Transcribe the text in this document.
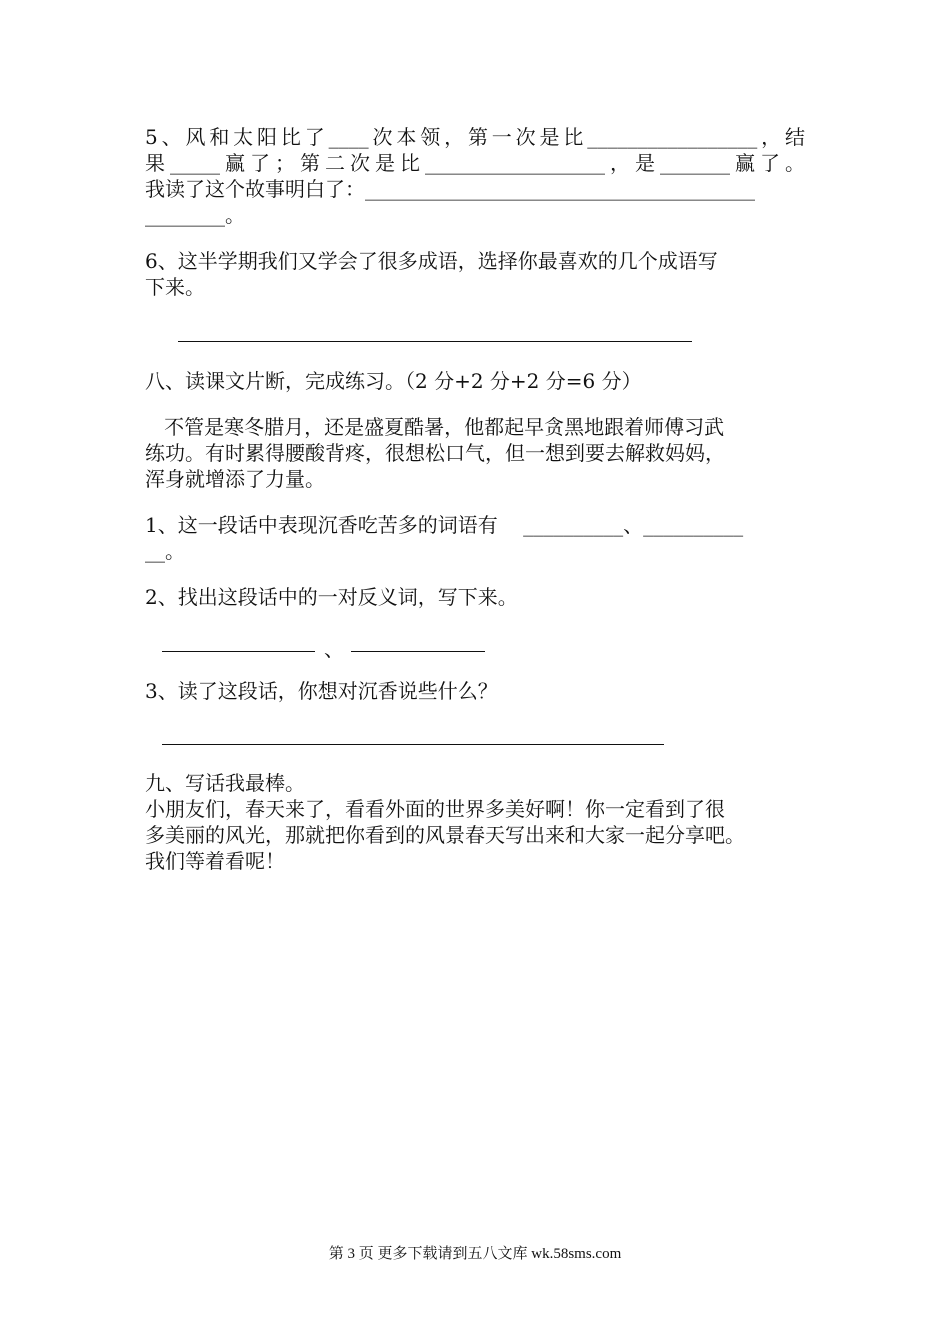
5、风和太阳比了____次本领，第一次是比_________________，结
果_____赢了；第二次是比__________________，是_______赢了。
我读了这个故事明白了：_______________________________________
________。
6、这半学期我们又学会了很多成语，选择你最喜欢的几个成语写
下来。
八、读课文片断，完成练习。（2 分+2 分+2 分=6 分）
不管是寒冬腊月，还是盛夏酷暑，他都起早贪黑地跟着师傅习武
练功。有时累得腰酸背疼，很想松口气，但一想到要去解救妈妈，
浑身就增添了力量。
1、这一段话中表现沉香吃苦多的词语有    __________、__________
__。
2、找出这段话中的一对反义词，写下来。
、
3、读了这段话，你想对沉香说些什么？
九、写话我最棒。
小朋友们，春天来了，看看外面的世界多美好啊！你一定看到了很
多美丽的风光，那就把你看到的风景春天写出来和大家一起分享吧。
我们等着看呢！
第 3 页 更多下载请到五八文库 wk.58sms.com
